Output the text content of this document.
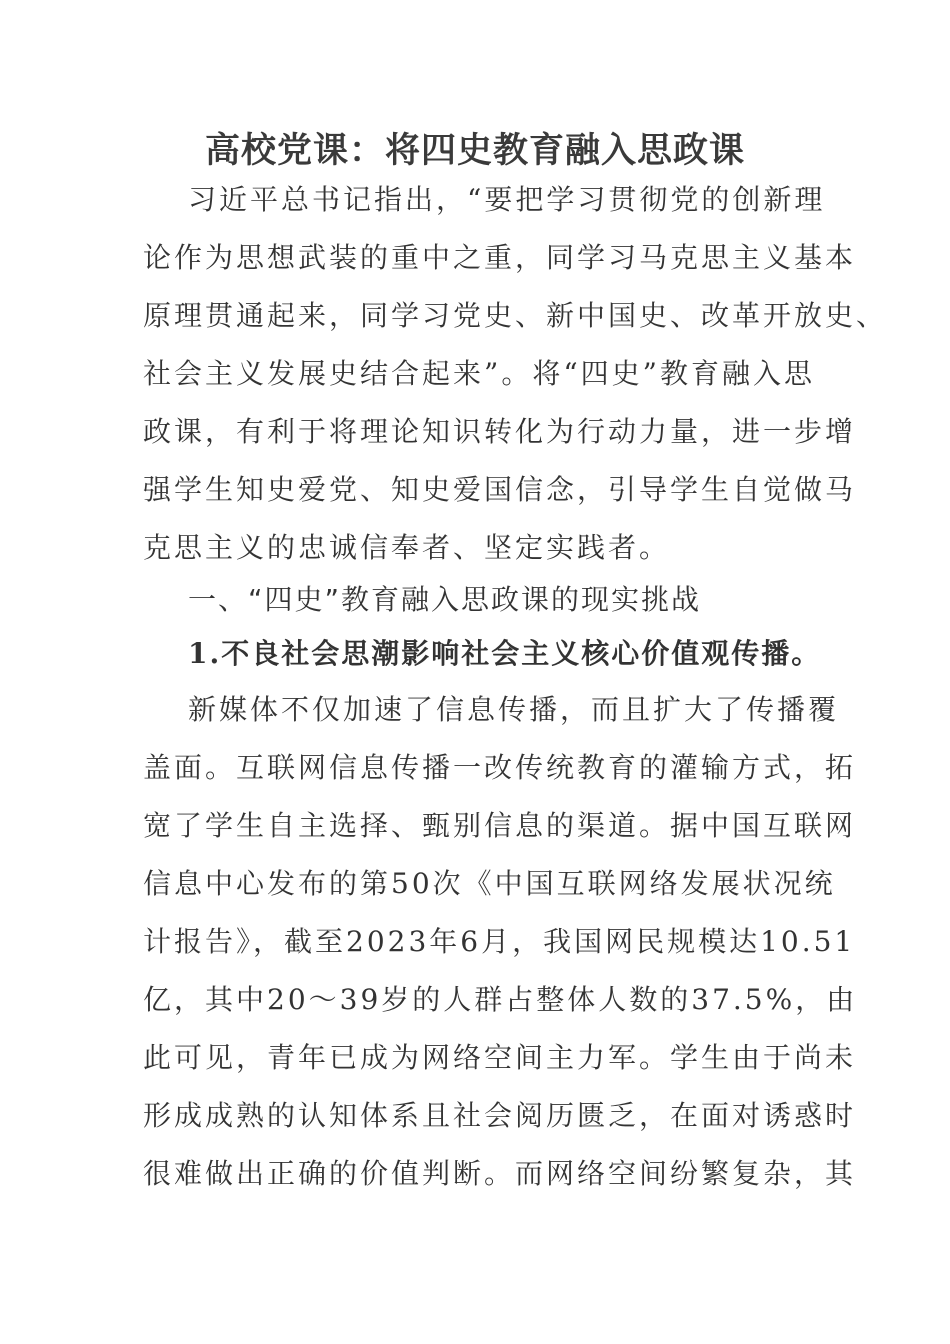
高校党课：将四史教育融入思政课
习近平总书记指出，“要把学习贯彻党的创新理
论作为思想武装的重中之重，同学习马克思主义基本
原理贯通起来，同学习党史、新中国史、改革开放史、
社会主义发展史结合起来”。将“四史”教育融入思
政课，有利于将理论知识转化为行动力量，进一步增
强学生知史爱党、知史爱国信念，引导学生自觉做马
克思主义的忠诚信奉者、坚定实践者。
一、“四史”教育融入思政课的现实挑战
1.不良社会思潮影响社会主义核心价值观传播。
新媒体不仅加速了信息传播，而且扩大了传播覆
盖面。互联网信息传播一改传统教育的灌输方式，拓
宽了学生自主选择、甄别信息的渠道。据中国互联网
信息中心发布的第50次《中国互联网络发展状况统
计报告》，截至2023年6月，我国网民规模达10.51
亿，其中20～39岁的人群占整体人数的37.5%，由
此可见，青年已成为网络空间主力军。学生由于尚未
形成成熟的认知体系且社会阅历匮乏，在面对诱惑时
很难做出正确的价值判断。而网络空间纷繁复杂，其
